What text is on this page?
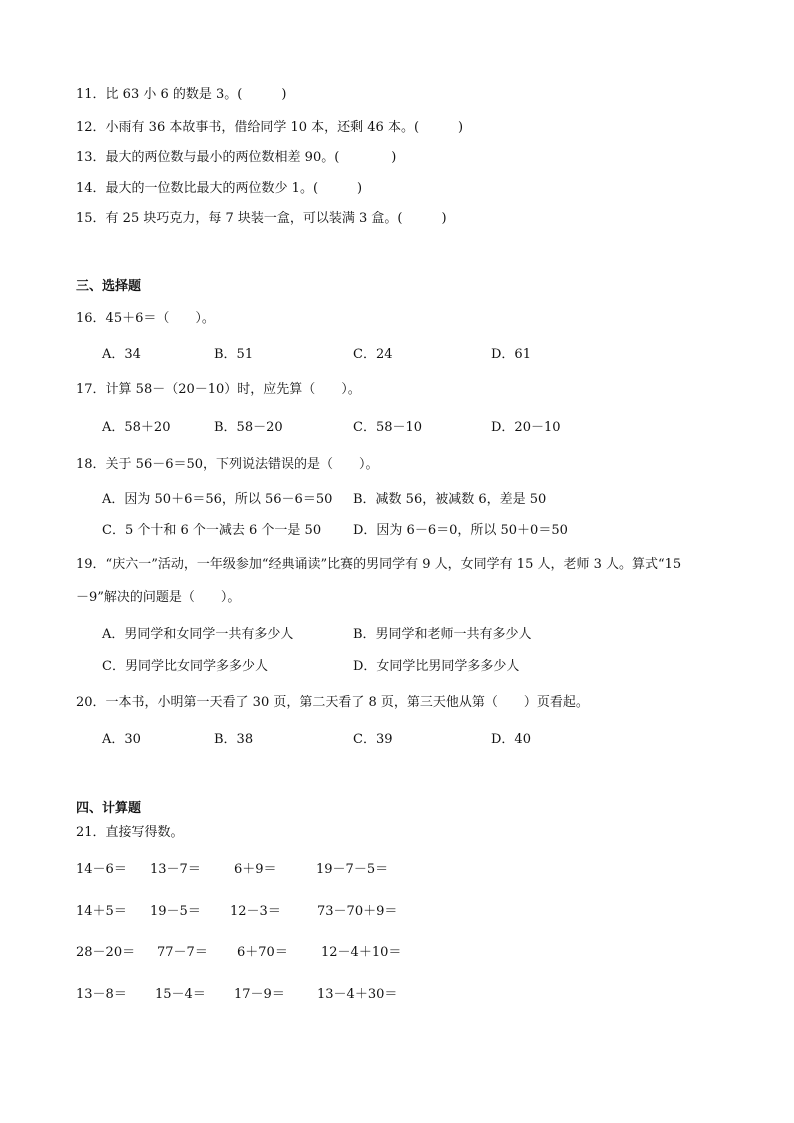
11．比 63 小 6 的数是 3。(　　　)
12．小雨有 36 本故事书，借给同学 10 本，还剩 46 本。(　　　)
13．最大的两位数与最小的两位数相差 90。(　　　　)
14．最大的一位数比最大的两位数少 1。(　　　)
15．有 25 块巧克力，每 7 块装一盒，可以装满 3 盒。(　　　)
三、选择题
16．45＋6＝（　　）。
A．34	B．51	C．24	D．61
17．计算 58－（20－10）时，应先算（　　）。
A．58＋20	B．58－20	C．58－10	D．20－10
18．关于 56－6＝50，下列说法错误的是（　　）。
A．因为 50＋6＝56，所以 56－6＝50 B．减数 56，被减数 6，差是 50
C．5 个十和 6 个一减去 6 个一是 50 D．因为 6－6＝0，所以 50＋0＝50
19．“庆六一”活动，一年级参加“经典诵读”比赛的男同学有 9 人，女同学有 15 人，老师 3 人。算式“15
－9”解决的问题是（　　）。
A．男同学和女同学一共有多少人	B．男同学和老师一共有多少人
C．男同学比女同学多多少人	D．女同学比男同学多多少人
20．一本书，小明第一天看了 30 页，第二天看了 8 页，第三天他从第（　　）页看起。
A．30	B．38	C．39	D．40
四、计算题
21．直接写得数。
14－6＝ 13－7＝	6＋9＝	19－7－5＝
14＋5＝ 19－5＝ 12－3＝	73－70＋9＝
28－20＝ 77－7＝ 6＋70＝	12－4＋10＝
13－8＝ 15－4＝ 17－9＝ 13－4＋30＝
